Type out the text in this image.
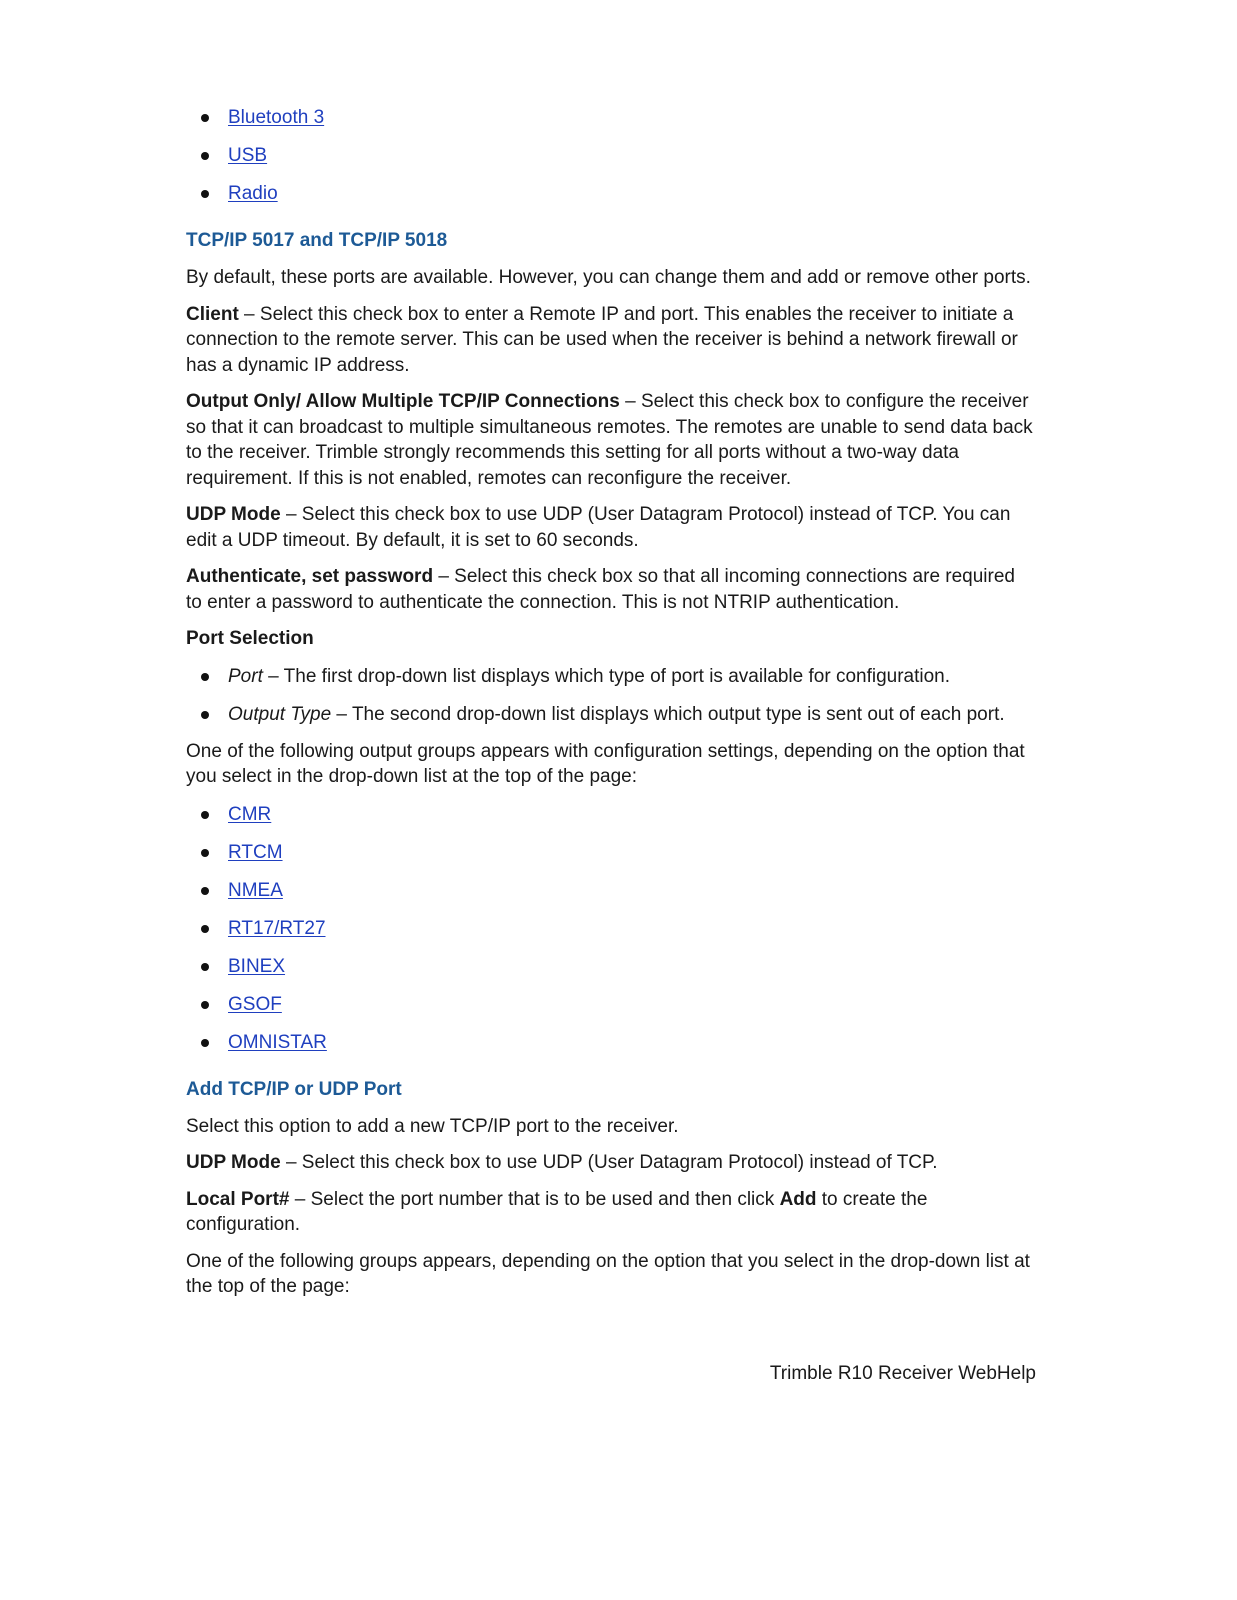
Bluetooth 3
USB
Radio
TCP/IP 5017 and TCP/IP 5018

By default, these ports are available. However, you can change them and add or remove other ports.

Client – Select this check box to enter a Remote IP and port. This enables the receiver to initiate a connection to the remote server. This can be used when the receiver is behind a network firewall or has a dynamic IP address.

Output Only/ Allow Multiple TCP/IP Connections – Select this check box to configure the receiver so that it can broadcast to multiple simultaneous remotes. The remotes are unable to send data back to the receiver. Trimble strongly recommends this setting for all ports without a two-way data requirement. If this is not enabled, remotes can reconfigure the receiver.

UDP Mode – Select this check box to use UDP (User Datagram Protocol) instead of TCP. You can edit a UDP timeout. By default, it is set to 60 seconds.

Authenticate, set password – Select this check box so that all incoming connections are required to enter a password to authenticate the connection. This is not NTRIP authentication.

Port Selection

Port – The first drop-down list displays which type of port is available for configuration.
Output Type – The second drop-down list displays which output type is sent out of each port.

One of the following output groups appears with configuration settings, depending on the option that you select in the drop-down list at the top of the page:

CMR
RTCM
NMEA
RT17/RT27
BINEX
GSOF
OMNISTAR
Add TCP/IP or UDP Port

Select this option to add a new TCP/IP port to the receiver.

UDP Mode – Select this check box to use UDP (User Datagram Protocol) instead of TCP.

Local Port# – Select the port number that is to be used and then click Add to create the configuration.

One of the following groups appears, depending on the option that you select in the drop-down list at the top of the page:

Trimble R10 Receiver WebHelp
